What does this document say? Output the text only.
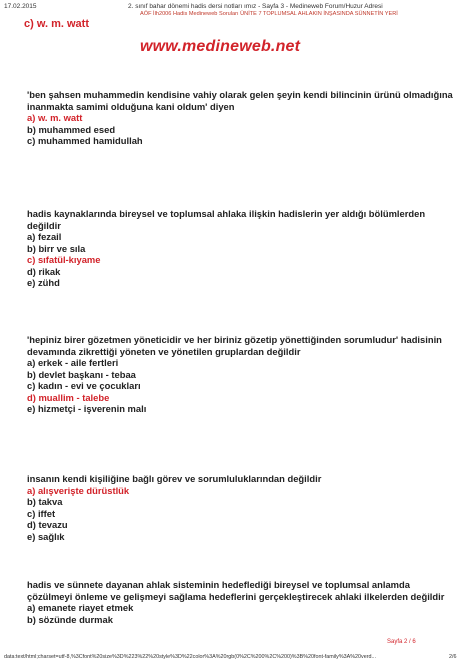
17.02.2015	2. sınıf bahar dönemi hadis dersi notları ımız - Sayfa 3 - Medineweb Forum/Huzur Adresi
AÖF İlh2006 Hadis Medineweb Soruları ÜNİTE 7 TOPLUMSAL AHLAKIN İNŞASINDA SÜNNETİN YERİ
c) w. m. watt
www.medineweb.net
'ben şahsen muhammedin kendisine vahiy olarak gelen şeyin kendi bilincinin ürünü olmadığına inanmakta samimi olduğuna kani oldum' diyen
a) w. m. watt
b) muhammed esed
c) muhammed hamidullah
hadis kaynaklarında bireysel ve toplumsal ahlaka ilişkin hadislerin yer aldığı bölümlerden değildir
a) fezail
b) birr ve sıla
c) sıfatül-kıyame
d) rikak
e) zühd
'hepiniz birer gözetmen yöneticidir ve her biriniz gözetip yönettiğinden sorumludur' hadisinin devamında zikrettiği yöneten ve yönetilen gruplardan değildir
a) erkek - aile fertleri
b) devlet başkanı - tebaa
c) kadın - evi ve çocukları
d) muallim - talebe
e) hizmetçi - işverenin malı
insanın kendi kişiliğine bağlı görev ve sorumluluklarından değildir
a) alışverişte dürüstlük
b) takva
c) iffet
d) tevazu
e) sağlık
hadis ve sünnete dayanan ahlak sisteminin hedeflediği bireysel ve toplumsal anlamda çözülmeyi önleme ve gelişmeyi sağlama hedeflerini gerçekleştirecek ahlaki ilkelerden değildir
a) emanete riayet etmek
b) sözünde durmak
Sayfa 2 / 6
data:text/html;charset=utf-8,%3Cfont%20size%3D%223%22%20style%3D%22color%3A%20rgb(0%2C%200%2C%200)%3B%20font-family%3A%20verd...	2/6
